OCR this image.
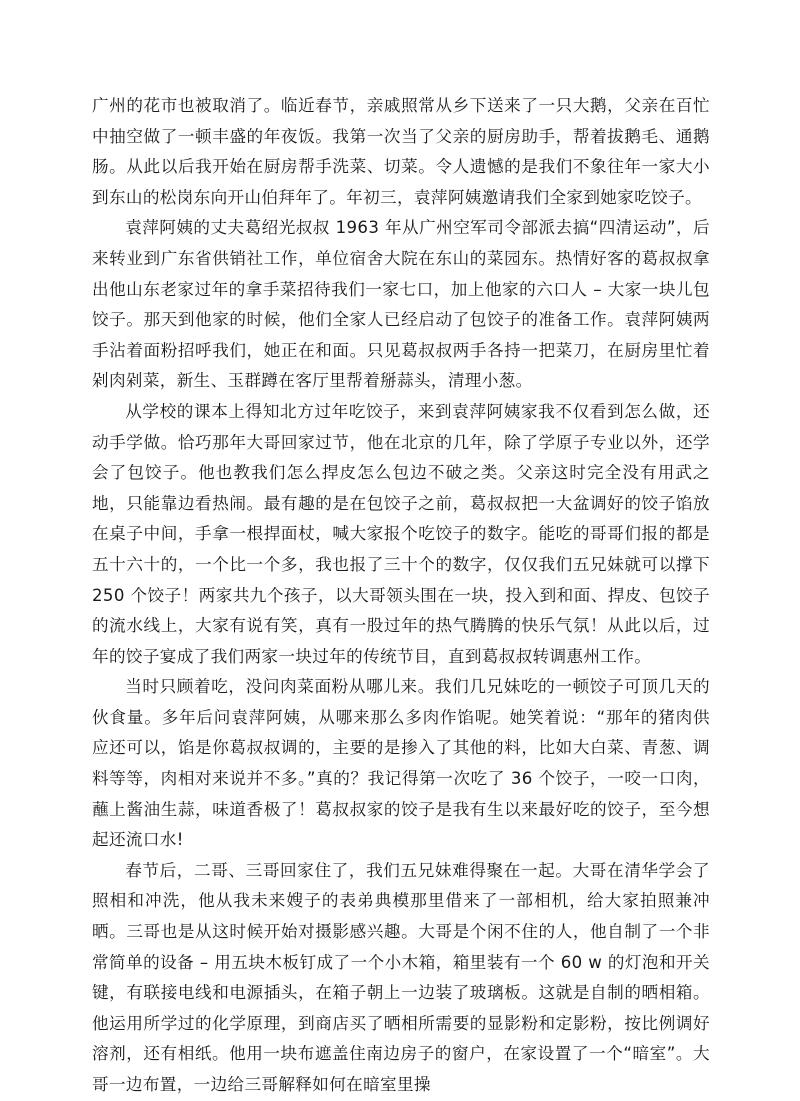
广州的花市也被取消了。临近春节，亲戚照常从乡下送来了一只大鹅，父亲在百忙中抽空做了一顿丰盛的年夜饭。我第一次当了父亲的厨房助手，帮着拔鹅毛、通鹅肠。从此以后我开始在厨房帮手洗菜、切菜。令人遗憾的是我们不象往年一家大小到东山的松岗东向开山伯拜年了。年初三，袁萍阿姨邀请我们全家到她家吃饺子。

袁萍阿姨的丈夫葛绍光叔叔 1963 年从广州空军司令部派去搞“四清运动”，后来转业到广东省供销社工作，单位宿舍大院在东山的菜园东。热情好客的葛叔叔拿出他山东老家过年的拿手菜招待我们一家七口，加上他家的六口人 – 大家一块儿包饺子。那天到他家的时候，他们全家人已经启动了包饺子的准备工作。袁萍阿姨两手沾着面粉招呼我们，她正在和面。只见葛叔叔两手各持一把菜刀，在厨房里忙着剁肉剁菜，新生、玉群蹲在客厅里帮着掰蒜头，清理小葱。

从学校的课本上得知北方过年吃饺子，来到袁萍阿姨家我不仅看到怎么做，还动手学做。恰巧那年大哥回家过节，他在北京的几年，除了学原子专业以外，还学会了包饺子。他也教我们怎么捍皮怎么包边不破之类。父亲这时完全没有用武之地，只能靠边看热闹。最有趣的是在包饺子之前，葛叔叔把一大盆调好的饺子馅放在桌子中间，手拿一根捍面杖，喊大家报个吃饺子的数字。能吃的哥哥们报的都是五十六十的，一个比一个多，我也报了三十个的数字，仅仅我们五兄妹就可以撑下 250 个饺子！两家共九个孩子，以大哥领头围在一块，投入到和面、捍皮、包饺子的流水线上，大家有说有笑，真有一股过年的热气腾腾的快乐气氛！从此以后，过年的饺子宴成了我们两家一块过年的传统节目，直到葛叔叔转调惠州工作。

当时只顾着吃，没问肉菜面粉从哪儿来。我们几兄妹吃的一顿饺子可顶几天的伙食量。多年后问袁萍阿姨，从哪来那么多肉作馅呢。她笑着说：“那年的猪肉供应还可以，馅是你葛叔叔调的，主要的是掺入了其他的料，比如大白菜、青葱、调料等等，肉相对来说并不多。”真的？我记得第一次吃了 36 个饺子，一咬一口肉，蘸上酱油生蒜，味道香极了！葛叔叔家的饺子是我有生以来最好吃的饺子，至今想起还流口水!

春节后，二哥、三哥回家住了，我们五兄妹难得聚在一起。大哥在清华学会了照相和冲洗，他从我未来嫂子的表弟典模那里借来了一部相机，给大家拍照兼冲晒。三哥也是从这时候开始对摄影感兴趣。大哥是个闲不住的人，他自制了一个非常简单的设备 – 用五块木板钉成了一个小木箱，箱里装有一个 60 w 的灯泡和开关键，有联接电线和电源插头，在箱子朝上一边装了玻璃板。这就是自制的晒相箱。他运用所学过的化学原理，到商店买了晒相所需要的显影粉和定影粉，按比例调好溶剂，还有相纸。他用一块布遮盖住南边房子的窗户，在家设置了一个“暗室”。大哥一边布置，一边给三哥解释如何在暗室里操
